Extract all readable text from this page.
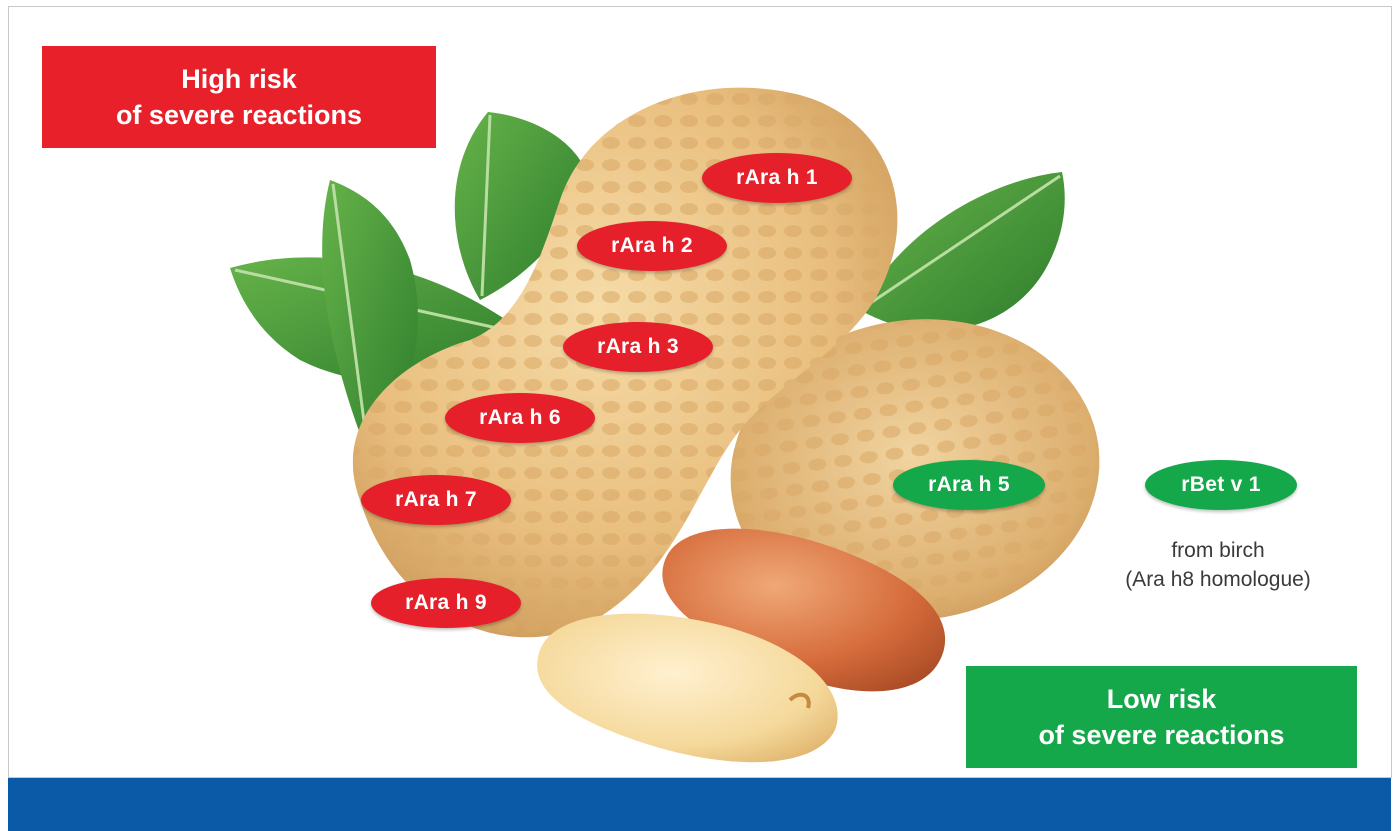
High risk
of severe reactions
rAra h 1
rAra h 2
rAra h 3
rAra h 6
rAra h 7
rAra h 9
rAra h 5	rBet v 1
from birch
(Ara h8 homologue)
Low risk
of severe reactions
